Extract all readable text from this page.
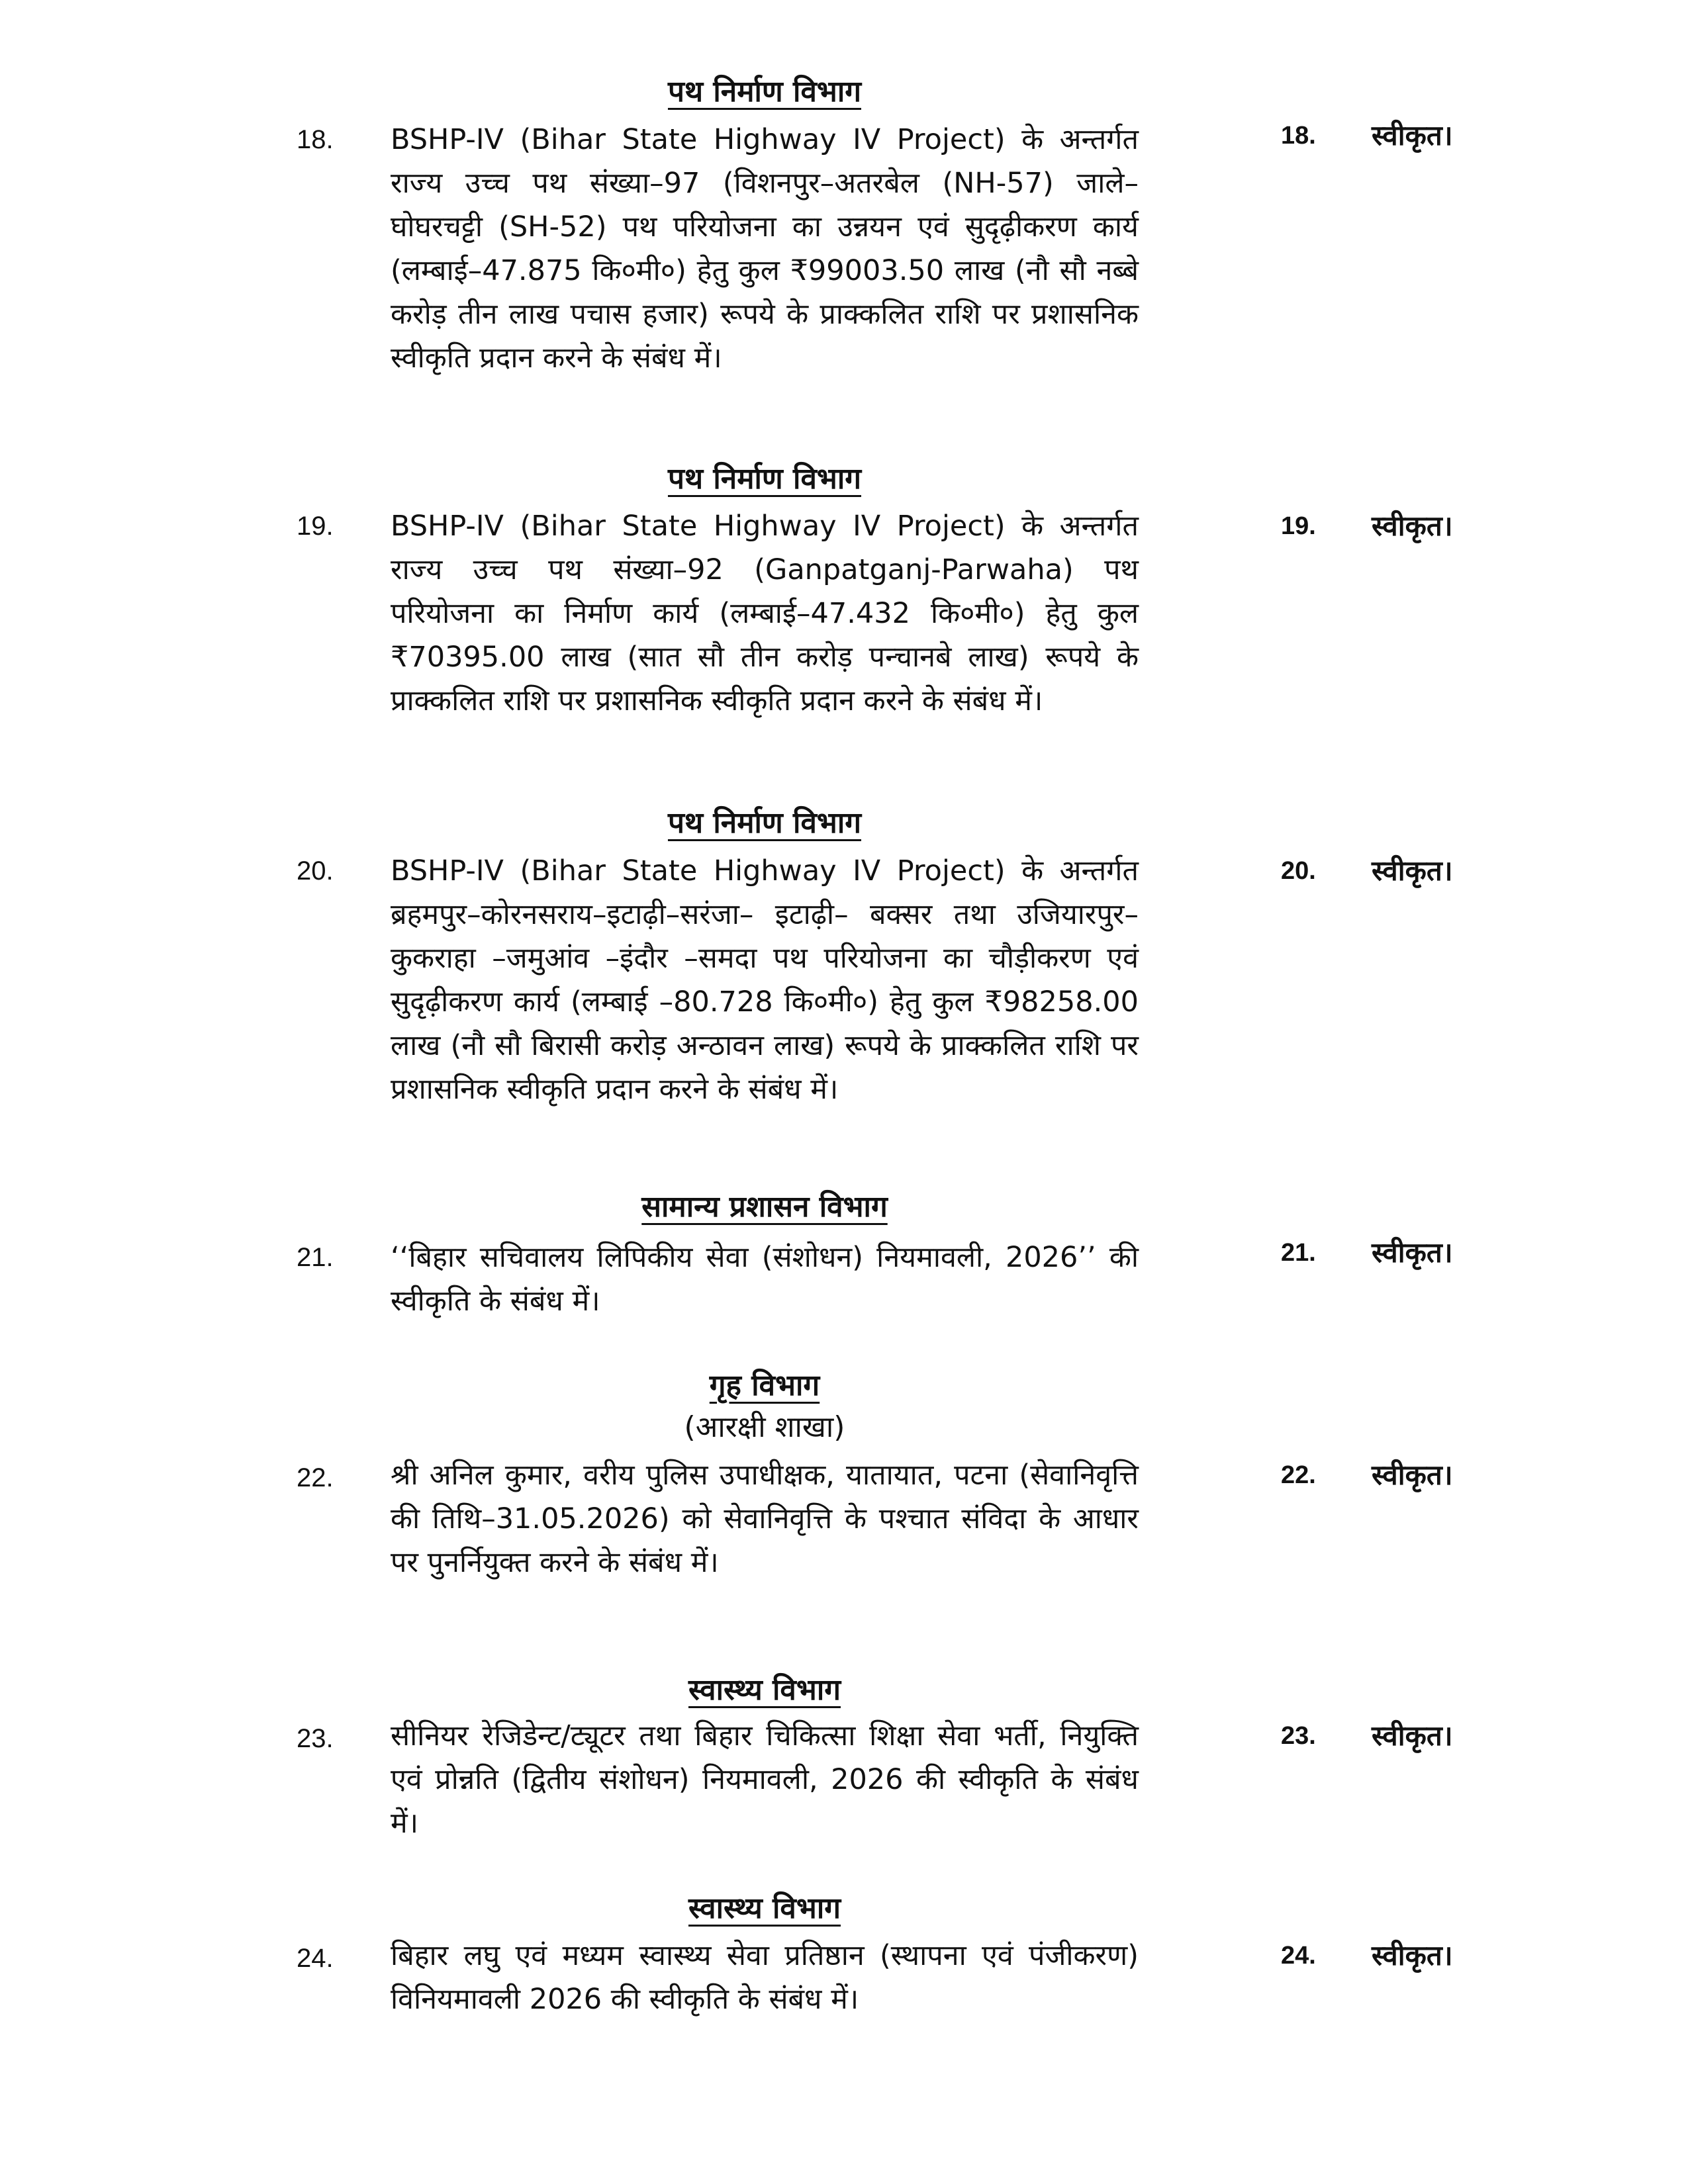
पथ निर्माण विभाग
18. BSHP-IV (Bihar State Highway IV Project) के अन्तर्गत राज्य उच्च पथ संख्या–97 (विशनपुर–अतरबेल (NH-57) जाले–घोघरचट्टी (SH-52) पथ परियोजना का उन्नयन एवं सुदृढ़ीकरण कार्य (लम्बाई–47.875 कि०मी०) हेतु कुल ₹99003.50 लाख (नौ सौ नब्बे करोड़ तीन लाख पचास हजार) रूपये के प्राक्कलित राशि पर प्रशासनिक स्वीकृति प्रदान करने के संबंध में।
18. स्वीकृत।
पथ निर्माण विभाग
19. BSHP-IV (Bihar State Highway IV Project) के अन्तर्गत राज्य उच्च पथ संख्या–92 (Ganpatganj-Parwaha) पथ परियोजना का निर्माण कार्य (लम्बाई–47.432 कि०मी०) हेतु कुल ₹70395.00 लाख (सात सौ तीन करोड़ पन्चानबे लाख) रूपये के प्राक्कलित राशि पर प्रशासनिक स्वीकृति प्रदान करने के संबंध में।
19. स्वीकृत।
पथ निर्माण विभाग
20. BSHP-IV (Bihar State Highway IV Project) के अन्तर्गत ब्रहमपुर–कोरनसराय–इटाढ़ी–सरंजा– इटाढ़ी– बक्सर तथा उजियारपुर– कुकराहा –जमुआंव –इंदौर –समदा पथ परियोजना का चौड़ीकरण एवं सुदृढ़ीकरण कार्य (लम्बाई –80.728 कि०मी०) हेतु कुल ₹98258.00 लाख (नौ सौ बिरासी करोड़ अन्ठावन लाख) रूपये के प्राक्कलित राशि पर प्रशासनिक स्वीकृति प्रदान करने के संबंध में।
20. स्वीकृत।
सामान्य प्रशासन विभाग
21. ‘‘बिहार सचिवालय लिपिकीय सेवा (संशोधन) नियमावली, 2026’’ की स्वीकृति के संबंध में।
21. स्वीकृत।
गृह विभाग
(आरक्षी शाखा)
22. श्री अनिल कुमार, वरीय पुलिस उपाधीक्षक, यातायात, पटना (सेवानिवृत्ति की तिथि–31.05.2026) को सेवानिवृत्ति के पश्चात संविदा के आधार पर पुनर्नियुक्त करने के संबंध में।
22. स्वीकृत।
स्वास्थ्य विभाग
23. सीनियर रेजिडेन्ट/ट्यूटर तथा बिहार चिकित्सा शिक्षा सेवा भर्ती, नियुक्ति एवं प्रोन्नति (द्वितीय संशोधन) नियमावली, 2026 की स्वीकृति के संबंध में।
23. स्वीकृत।
स्वास्थ्य विभाग
24. बिहार लघु एवं मध्यम स्वास्थ्य सेवा प्रतिष्ठान (स्थापना एवं पंजीकरण) विनियमावली 2026 की स्वीकृति के संबंध में।
24. स्वीकृत।
